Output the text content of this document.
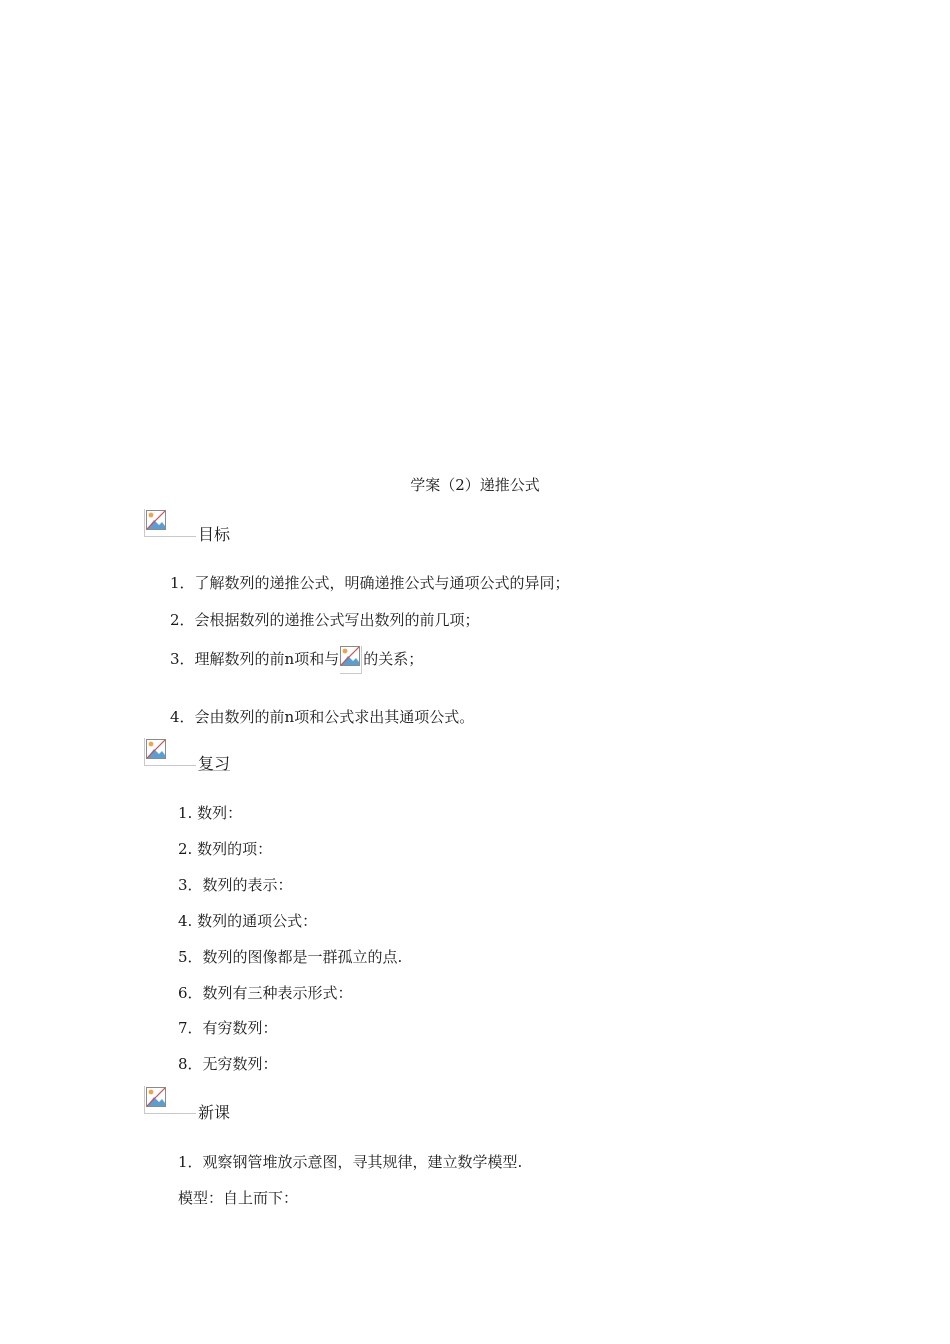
学案（2）递推公式
目标
1．了解数列的递推公式，明确递推公式与通项公式的异同；
2．会根据数列的递推公式写出数列的前几项；
3．理解数列的前n项和与 的关系；
4．会由数列的前n项和公式求出其通项公式。
复习
1. 数列：
2. 数列的项：
3．数列的表示：
4. 数列的通项公式：
5．数列的图像都是一群孤立的点.
6．数列有三种表示形式：
7．有穷数列：
8．无穷数列：
新课
1．观察钢管堆放示意图，寻其规律，建立数学模型.
模型：自上而下：
